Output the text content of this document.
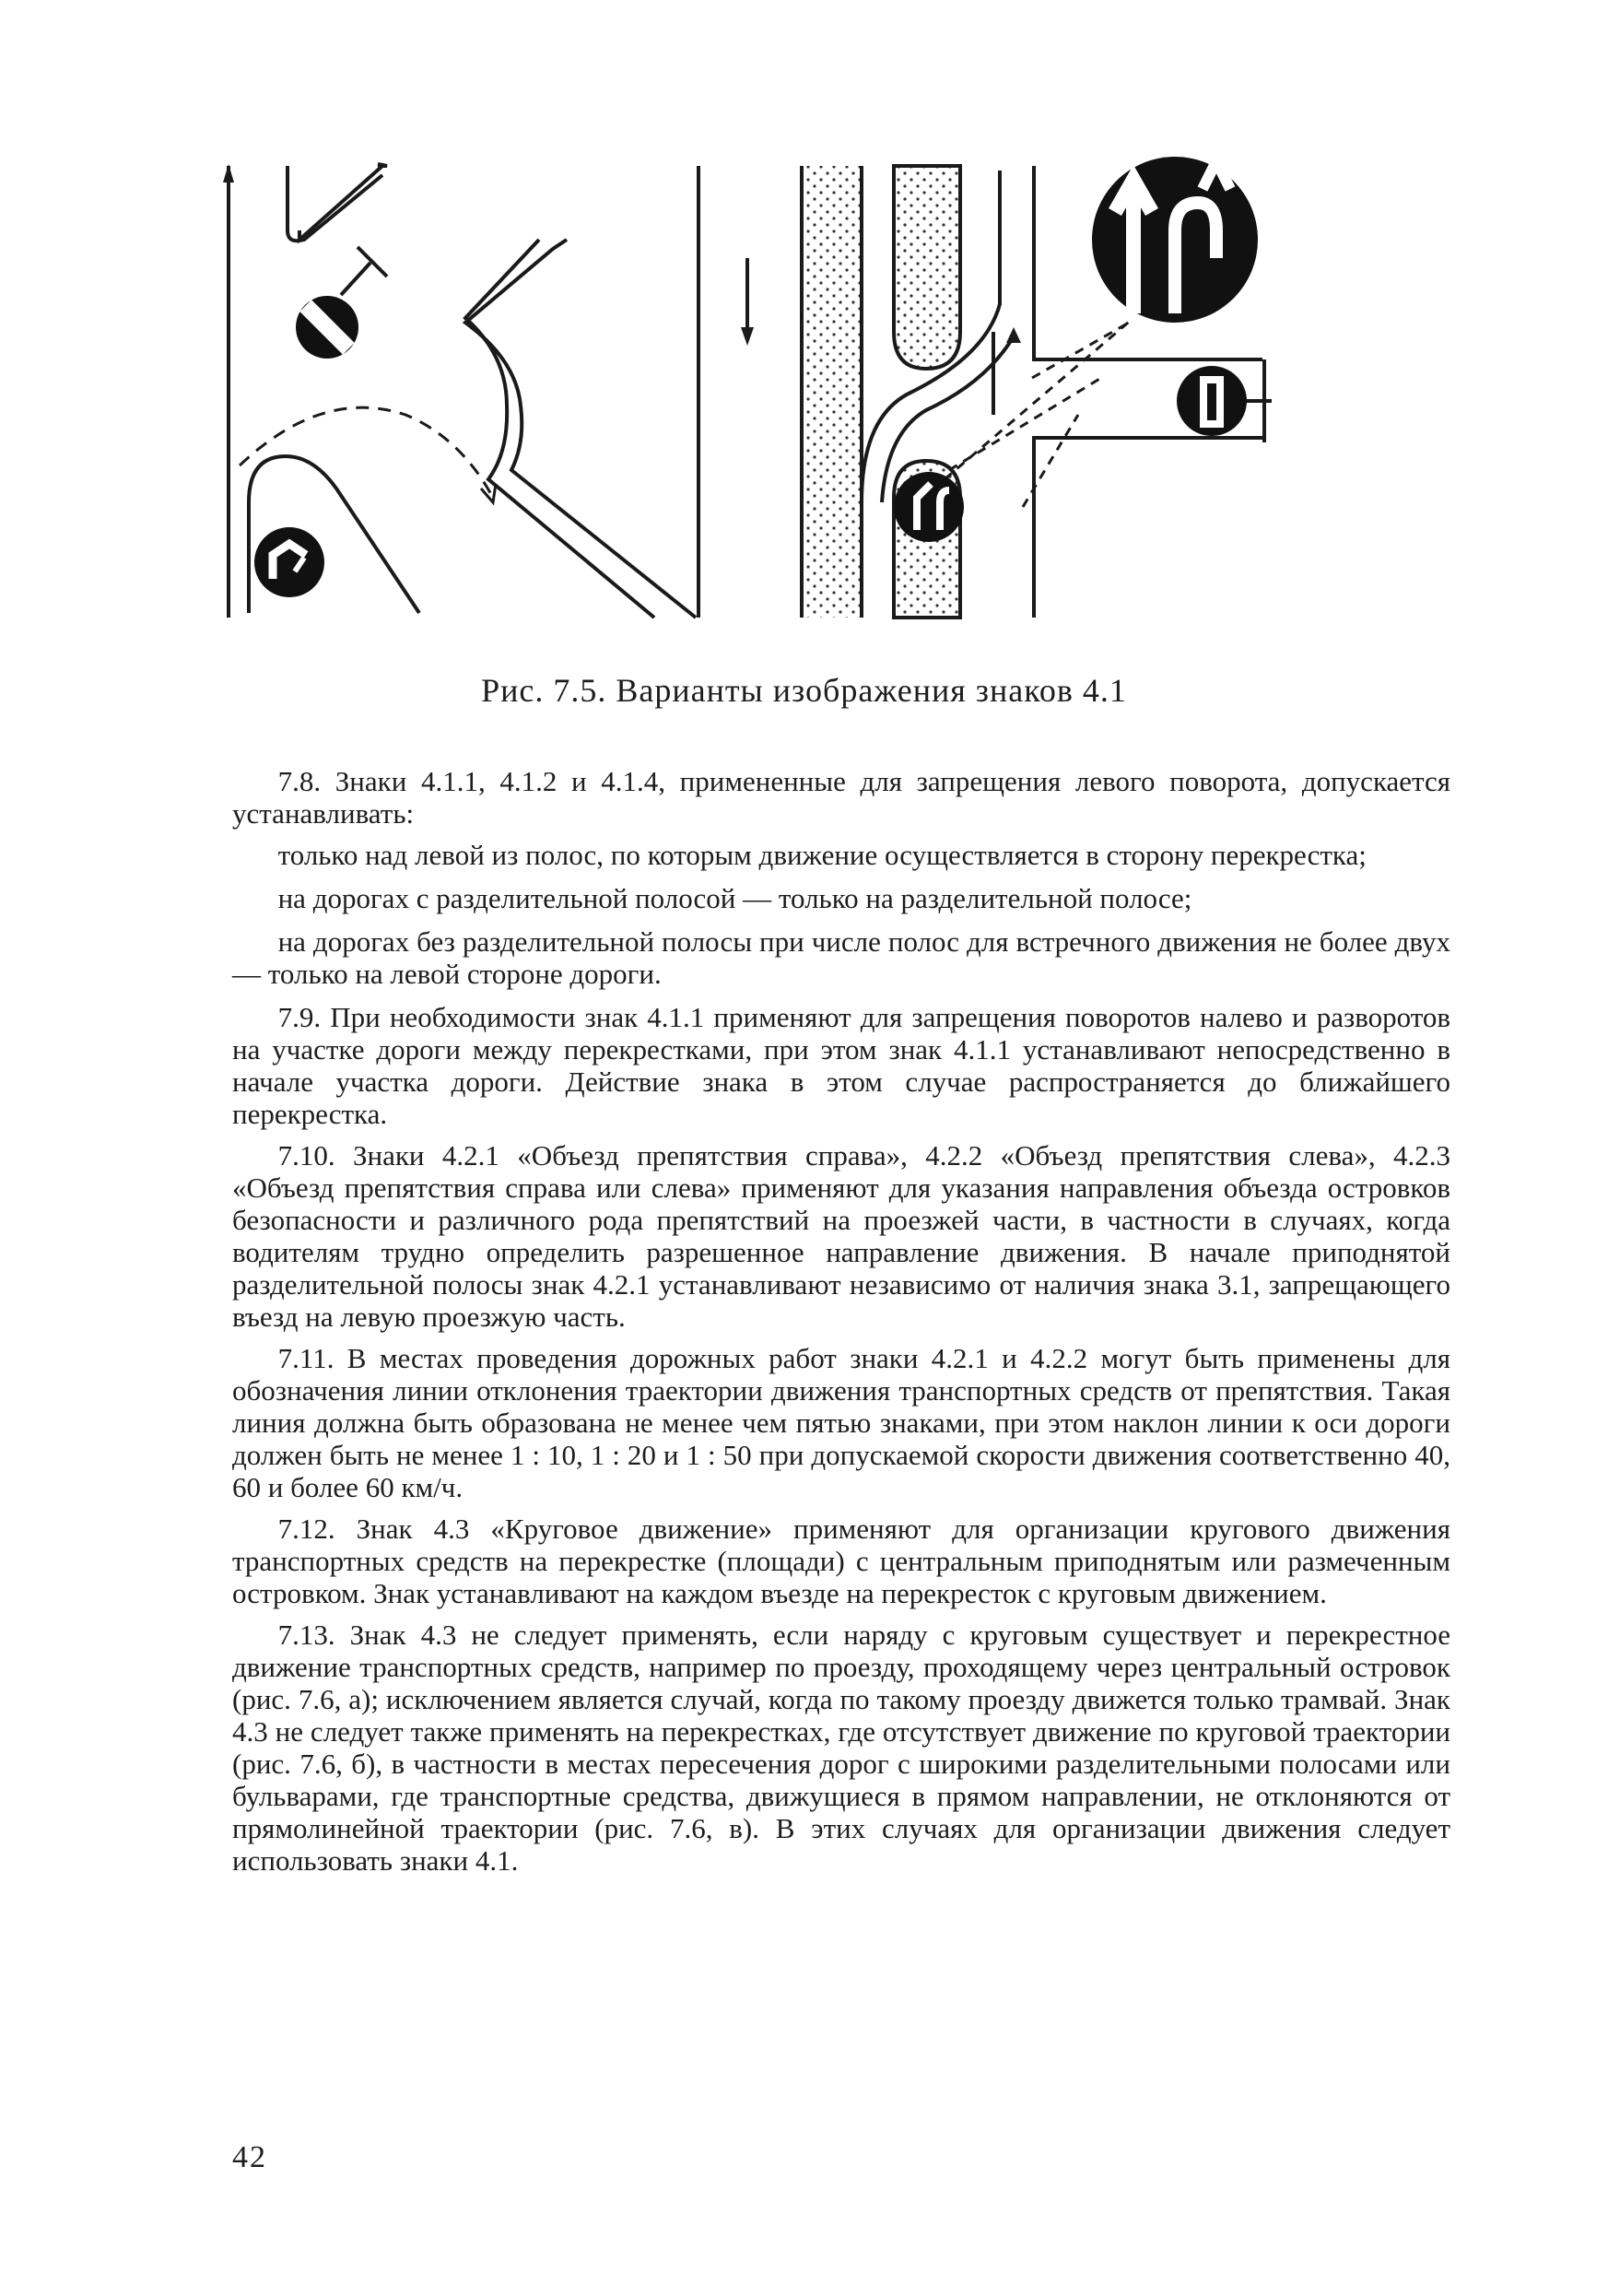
Рис. 7.5. Варианты изображения знаков 4.1

7.8. Знаки 4.1.1, 4.1.2 и 4.1.4, примененные для запрещения левого поворота, допускается устанавливать:

только над левой из полос, по которым движение осуществляется в сторону перекрестка;

на дорогах с разделительной полосой — только на разделительной полосе;

на дорогах без разделительной полосы при числе полос для встречного движения не более двух — только на левой стороне дороги.

7.9. При необходимости знак 4.1.1 применяют для запрещения поворотов налево и разворотов на участке дороги между перекрестками, при этом знак 4.1.1 устанавливают непосредственно в начале участка дороги. Действие знака в этом случае распространяется до ближайшего перекрестка.

7.10. Знаки 4.2.1 «Объезд препятствия справа», 4.2.2 «Объезд препятствия слева», 4.2.3 «Объезд препятствия справа или слева» применяют для указания направления объезда островков безопасности и различного рода препятствий на проезжей части, в частности в случаях, когда водителям трудно определить разрешенное направление движения. В начале приподнятой разделительной полосы знак 4.2.1 устанавливают независимо от наличия знака 3.1, запрещающего въезд на левую проезжую часть.

7.11. В местах проведения дорожных работ знаки 4.2.1 и 4.2.2 могут быть применены для обозначения линии отклонения траектории движения транспортных средств от препятствия. Такая линия должна быть образована не менее чем пятью знаками, при этом наклон линии к оси дороги должен быть не менее 1 : 10, 1 : 20 и 1 : 50 при допускаемой скорости движения соответственно 40, 60 и более 60 км/ч.

7.12. Знак 4.3 «Круговое движение» применяют для организации кругового движения транспортных средств на перекрестке (площади) с центральным приподнятым или размеченным островком. Знак устанавливают на каждом въезде на перекресток с круговым движением.

7.13. Знак 4.3 не следует применять, если наряду с круговым существует и перекрестное движение транспортных средств, например по проезду, проходящему через центральный островок (рис. 7.6, а); исключением является случай, когда по такому проезду движется только трамвай. Знак 4.3 не следует также применять на перекрестках, где отсутствует движение по круговой траектории (рис. 7.6, б), в частности в местах пересечения дорог с широкими разделительными полосами или бульварами, где транспортные средства, движущиеся в прямом направлении, не отклоняются от прямолинейной траектории (рис. 7.6, в). В этих случаях для организации движения следует использовать знаки 4.1.

42
